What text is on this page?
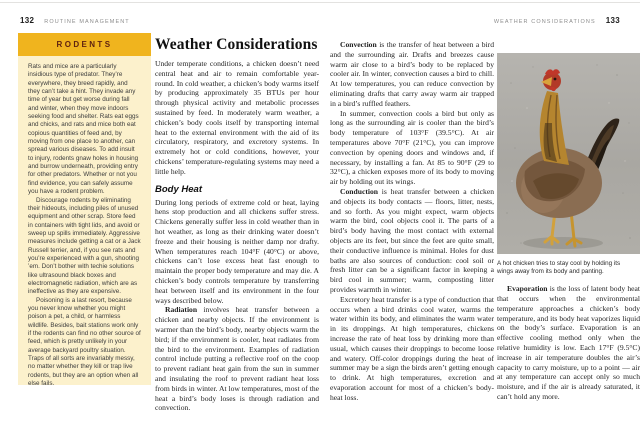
132 ROUTINE MANAGEMENT	WEATHER CONSIDERATIONS 133
RODENTS

Rats and mice are a particularly insidious type of predator. They’re everywhere, they breed rapidly, and they can’t take a hint. They invade any time of year but get worse during fall and winter, when they move indoors seeking food and shelter. Rats eat eggs and chicks, and rats and mice both eat copious quantities of feed and, by moving from one place to another, can spread various diseases. To add insult to injury, rodents gnaw holes in housing and burrow underneath, providing entry for other predators. Whether or not you find evidence, you can safely assume you have a rodent problem.

Discourage rodents by eliminating their hideouts, including piles of unused equipment and other scrap. Store feed in containers with tight lids, and avoid or sweep up spills immediately. Aggressive measures include getting a cat or a Jack Russell terrier, and, if you see rats and you’re experienced with a gun, shooting ’em. Don’t bother with techie solutions like ultrasound black boxes and electromagnetic radiation, which are as ineffective as they are expensive.

Poisoning is a last resort, because you never know whether you might poison a pet, a child, or harmless wildlife. Besides, bait stations work only if the rodents can find no other source of feed, which is pretty unlikely in your average backyard poultry situation. Traps of all sorts are invariably messy, no matter whether they kill or trap live rodents, but they are an option when all else fails.

Weather Considerations

Under temperate conditions, a chicken doesn’t need central heat and air to remain comfortable year-round. In cold weather, a chicken’s body warms itself by producing approximately 35 BTUs per hour through physical activity and metabolic processes sustained by feed. In moderately warm weather, a chicken’s body cools itself by transporting internal heat to the external environment with the aid of its circulatory, respiratory, and excretory systems. In extremely hot or cold conditions, however, your chickens’ temperature-regulating systems may need a little help.

Body Heat

During long periods of extreme cold or heat, laying hens stop production and all chickens suffer stress. Chickens generally suffer less in cold weather than in hot weather, as long as their drinking water doesn’t freeze and their housing is neither damp nor drafty. When temperatures reach 104°F (40°C) or above, chickens can’t lose excess heat fast enough to maintain the proper body temperature and may die. A chicken’s body controls temperature by transferring heat between itself and its environment in the four ways described below.

Radiation involves heat transfer between a chicken and nearby objects. If the environment is warmer than the bird’s body, nearby objects warm the bird; if the environment is cooler, heat radiates from the bird to the environment. Examples of radiation control include putting a reflective roof on the coop to prevent radiant heat gain from the sun in summer and insulating the roof to prevent radiant heat loss from birds in winter. At low temperatures, most of the heat a bird’s body loses is through radiation and convection.

Convection is the transfer of heat between a bird and the surrounding air. Drafts and breezes cause warm air close to a bird’s body to be replaced by cooler air. In winter, convection causes a bird to chill. At low temperatures, you can reduce convection by eliminating drafts that carry away warm air trapped in a bird’s ruffled feathers.

In summer, convection cools a bird but only as long as the surrounding air is cooler than the bird’s body temperature of 103°F (39.5°C). At air temperatures above 70°F (21°C), you can improve convection by opening doors and windows and, if necessary, by installing a fan. At 85 to 90°F (29 to 32°C), a chicken exposes more of its body to moving air by holding out its wings.

Conduction is heat transfer between a chicken and objects its body contacts — floors, litter, nests, and so forth. As you might expect, warm objects warm the bird, cool objects cool it. The parts of a bird’s body having the most contact with external objects are its feet, but since the feet are quite small, their conductive influence is minimal. Holes for dust baths are also sources of conduction: cool soil or fresh litter can be a significant factor in keeping a bird cool in summer; warm, composting litter provides warmth in winter.

Excretory heat transfer is a type of conduction that occurs when a bird drinks cool water, warms the water within its body, and eliminates the warm water in its droppings. At high temperatures, chickens increase the rate of heat loss by drinking more than usual, which causes their droppings to become loose and watery. Off-color droppings during the heat of summer may be a sign the birds aren’t getting enough to drink. At high temperatures, excretion and evaporation account for most of a chicken’s body-heat loss.

A hot chicken tries to stay cool by holding its wings away from its body and panting.

Evaporation is the loss of latent body heat that occurs when the environmental temperature approaches a chicken’s body temperature, and its body heat vaporizes liquid on the body’s surface. Evaporation is an effective cooling method only when the relative humidity is low. Each 17°F (9.5°C) increase in air temperature doubles the air’s capacity to carry moisture, up to a point — air at any temperature can accept only so much moisture, and if the air is already saturated, it can’t hold any more.
